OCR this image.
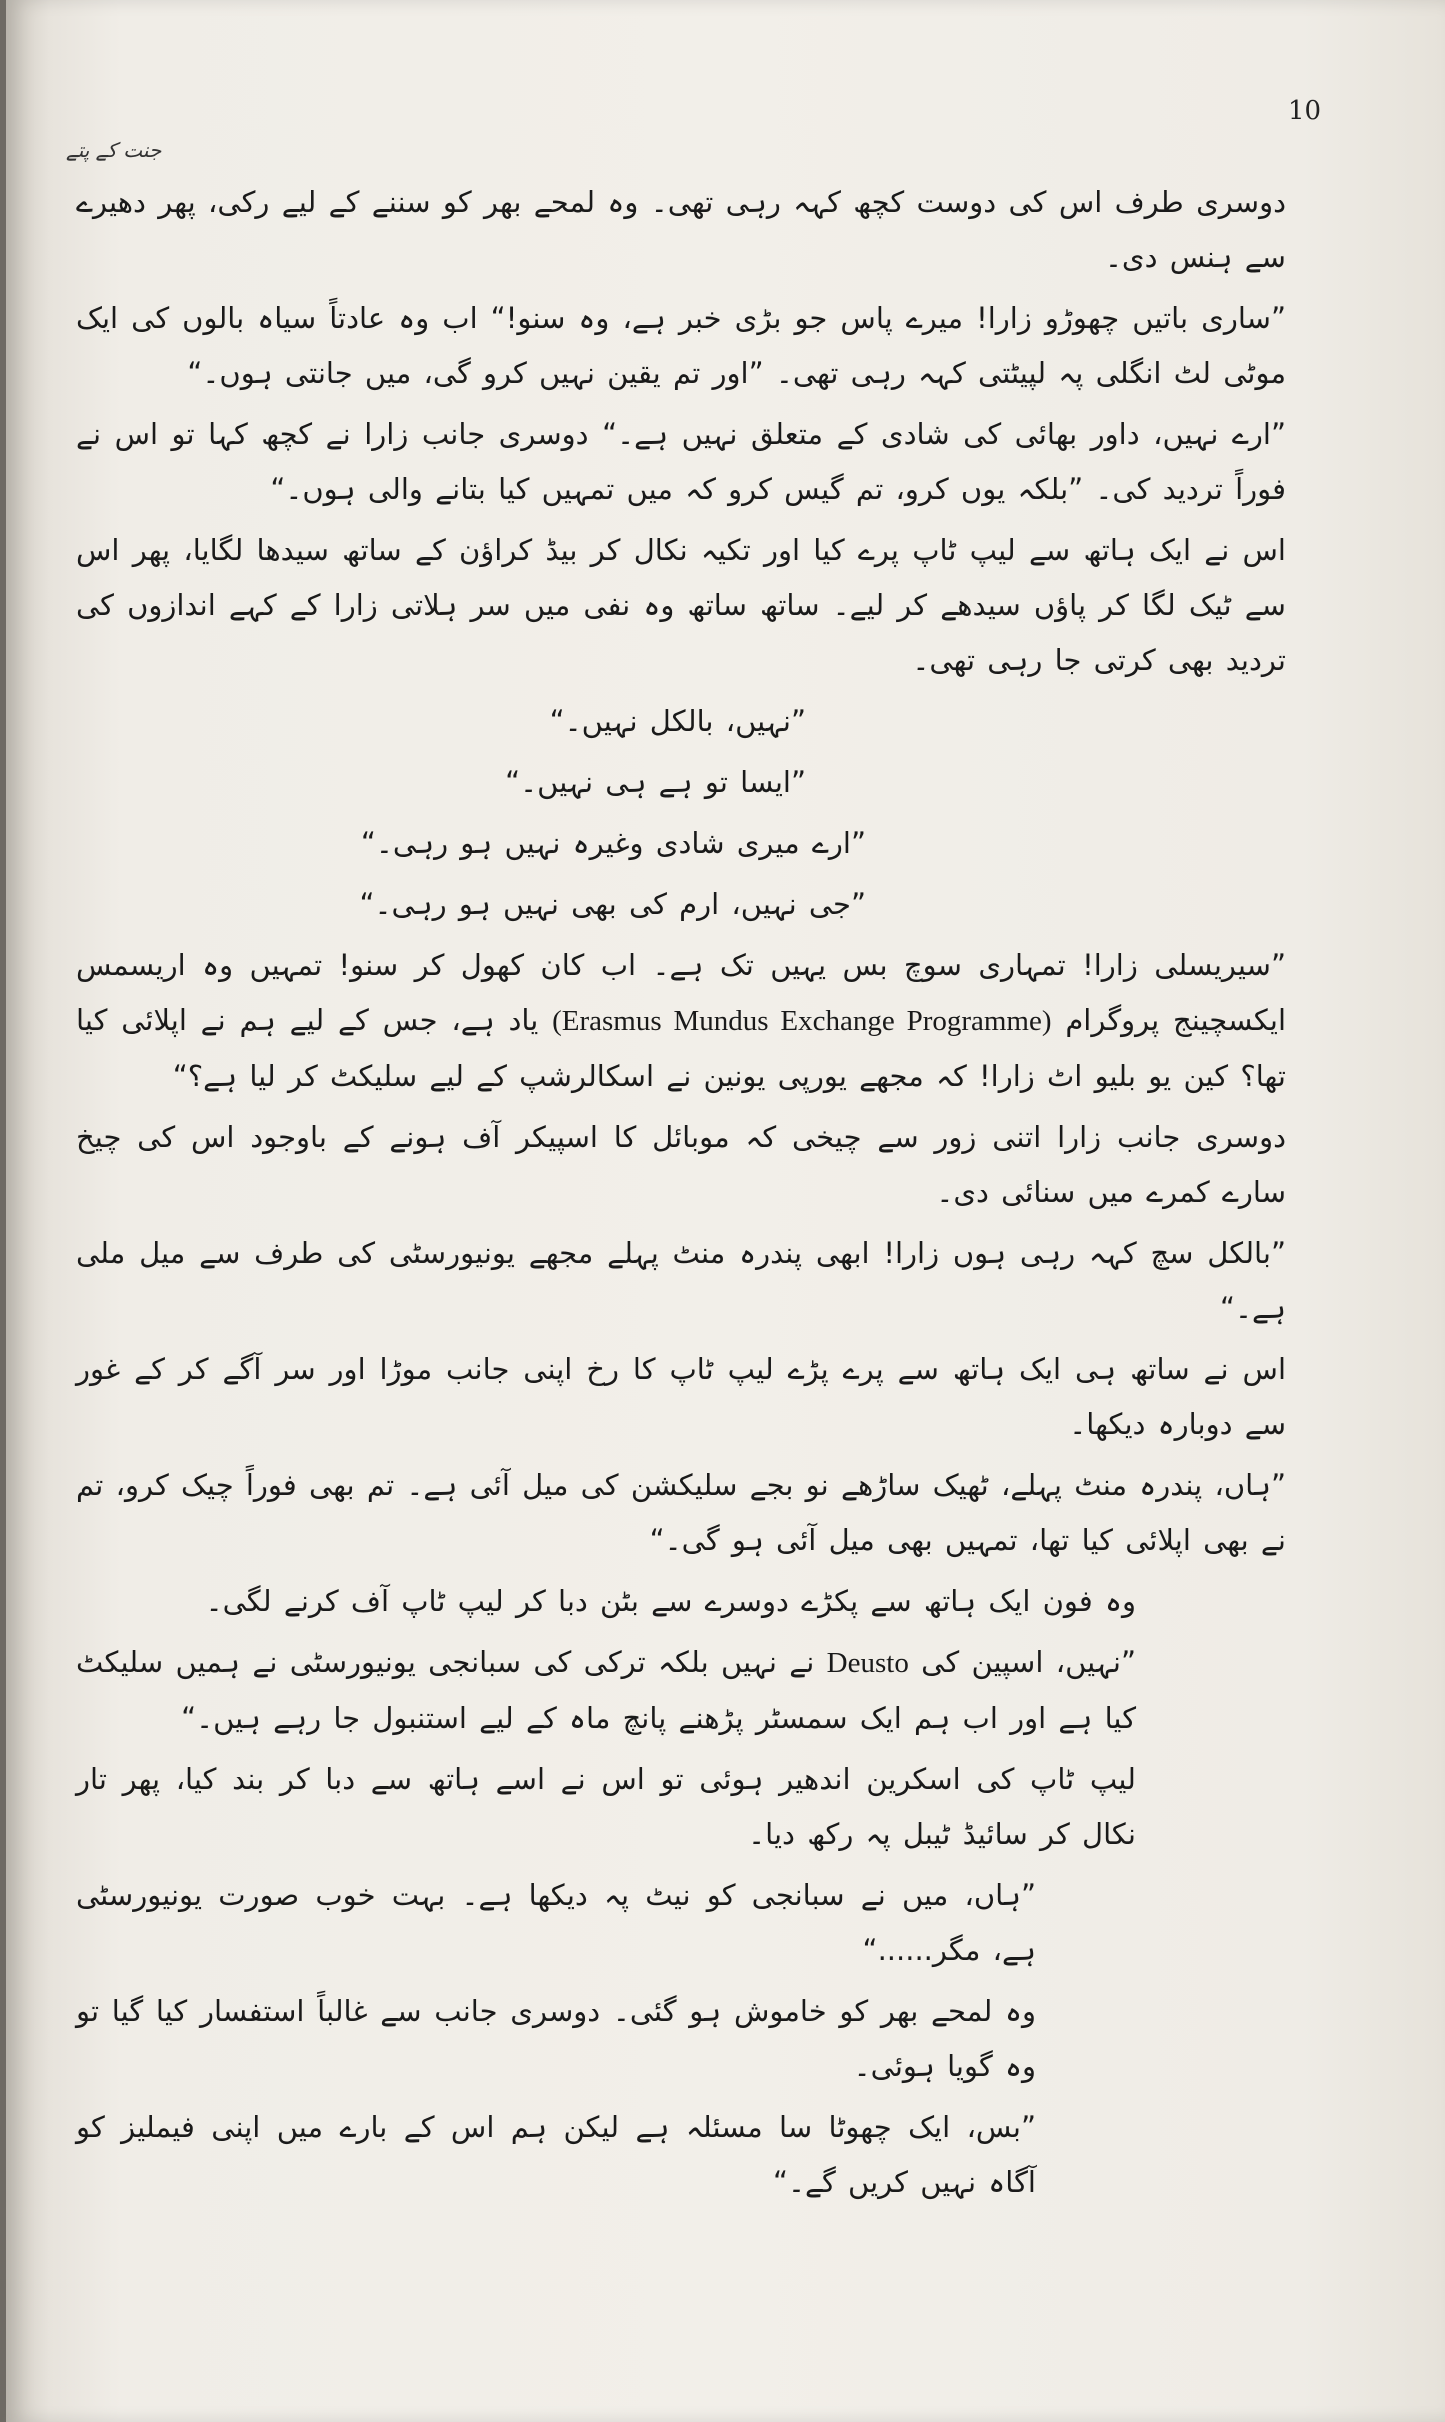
10
جنت کے پتے

دوسری طرف اس کی دوست کچھ کہہ رہی تھی۔ وہ لمحے بھر کو سننے کے لیے رکی، پھر دھیرے سے ہنس دی۔

”ساری باتیں چھوڑو زارا! میرے پاس جو بڑی خبر ہے، وہ سنو!“ اب وہ عادتاً سیاہ بالوں کی ایک موٹی لٹ انگلی پہ لپیٹتی کہہ رہی تھی۔ ”اور تم یقین نہیں کرو گی، میں جانتی ہوں۔“

”ارے نہیں، داور بھائی کی شادی کے متعلق نہیں ہے۔“ دوسری جانب زارا نے کچھ کہا تو اس نے فوراً تردید کی۔ ”بلکہ یوں کرو، تم گیس کرو کہ میں تمہیں کیا بتانے والی ہوں۔“

اس نے ایک ہاتھ سے لیپ ٹاپ پرے کیا اور تکیہ نکال کر بیڈ کراؤن کے ساتھ سیدھا لگایا، پھر اس سے ٹیک لگا کر پاؤں سیدھے کر لیے۔ ساتھ ساتھ وہ نفی میں سر ہلاتی زارا کے کہے اندازوں کی تردید بھی کرتی جا رہی تھی۔

”نہیں، بالکل نہیں۔“

”ایسا تو ہے ہی نہیں۔“

”ارے میری شادی وغیرہ نہیں ہو رہی۔“

”جی نہیں، ارم کی بھی نہیں ہو رہی۔“

”سیریسلی زارا! تمہاری سوچ بس یہیں تک ہے۔ اب کان کھول کر سنو! تمہیں وہ اریسمس ایکسچینج پروگرام (Erasmus Mundus Exchange Programme) یاد ہے، جس کے لیے ہم نے اپلائی کیا تھا؟ کین یو بلیو اٹ زارا! کہ مجھے یورپی یونین نے اسکالرشپ کے لیے سلیکٹ کر لیا ہے؟“

دوسری جانب زارا اتنی زور سے چیخی کہ موبائل کا اسپیکر آف ہونے کے باوجود اس کی چیخ سارے کمرے میں سنائی دی۔

”بالکل سچ کہہ رہی ہوں زارا! ابھی پندرہ منٹ پہلے مجھے یونیورسٹی کی طرف سے میل ملی ہے۔“

اس نے ساتھ ہی ایک ہاتھ سے پرے پڑے لیپ ٹاپ کا رخ اپنی جانب موڑا اور سر آگے کر کے غور سے دوبارہ دیکھا۔

”ہاں، پندرہ منٹ پہلے، ٹھیک ساڑھے نو بجے سلیکشن کی میل آئی ہے۔ تم بھی فوراً چیک کرو، تم نے بھی اپلائی کیا تھا، تمہیں بھی میل آئی ہو گی۔“

وہ فون ایک ہاتھ سے پکڑے دوسرے سے بٹن دبا کر لیپ ٹاپ آف کرنے لگی۔

”نہیں، اسپین کی Deusto نے نہیں بلکہ ترکی کی سبانجی یونیورسٹی نے ہمیں سلیکٹ کیا ہے اور اب ہم ایک سمسٹر پڑھنے پانچ ماہ کے لیے استنبول جا رہے ہیں۔“

لیپ ٹاپ کی اسکرین اندھیر ہوئی تو اس نے اسے ہاتھ سے دبا کر بند کیا، پھر تار نکال کر سائیڈ ٹیبل پہ رکھ دیا۔

”ہاں، میں نے سبانجی کو نیٹ پہ دیکھا ہے۔ بہت خوب صورت یونیورسٹی ہے، مگر......“

وہ لمحے بھر کو خاموش ہو گئی۔ دوسری جانب سے غالباً استفسار کیا گیا تو وہ گویا ہوئی۔

”بس، ایک چھوٹا سا مسئلہ ہے لیکن ہم اس کے بارے میں اپنی فیملیز کو آگاہ نہیں کریں گے۔“
